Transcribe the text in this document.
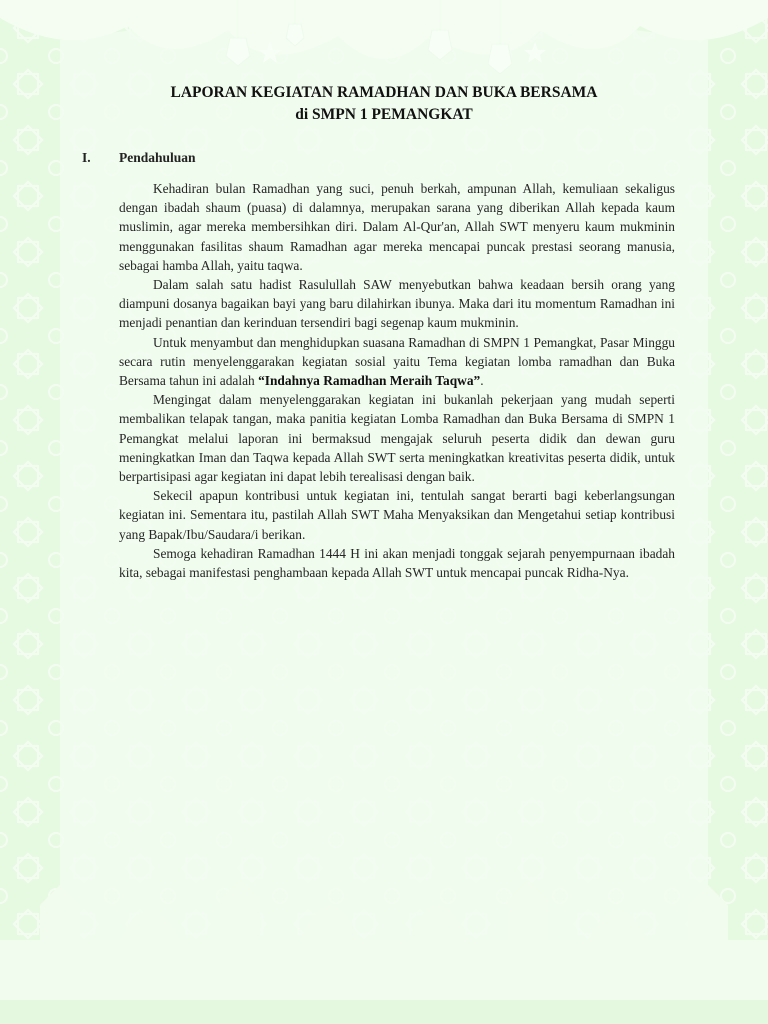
LAPORAN KEGIATAN RAMADHAN DAN BUKA BERSAMA
di SMPN 1 PEMANGKAT
I. Pendahuluan

Kehadiran bulan Ramadhan yang suci, penuh berkah, ampunan Allah, kemuliaan sekaligus dengan ibadah shaum (puasa) di dalamnya, merupakan sarana yang diberikan Allah kepada kaum muslimin, agar mereka membersihkan diri. Dalam Al-Qur'an, Allah SWT menyeru kaum mukminin menggunakan fasilitas shaum Ramadhan agar mereka mencapai puncak prestasi seorang manusia, sebagai hamba Allah, yaitu taqwa.

Dalam salah satu hadist Rasulullah SAW menyebutkan bahwa keadaan bersih orang yang diampuni dosanya bagaikan bayi yang baru dilahirkan ibunya. Maka dari itu momentum Ramadhan ini menjadi penantian dan kerinduan tersendiri bagi segenap kaum mukminin.

Untuk menyambut dan menghidupkan suasana Ramadhan di SMPN 1 Pemangkat, Pasar Minggu secara rutin menyelenggarakan kegiatan sosial yaitu Tema kegiatan lomba ramadhan dan Buka Bersama tahun ini adalah “Indahnya Ramadhan Meraih Taqwa”.

Mengingat dalam menyelenggarakan kegiatan ini bukanlah pekerjaan yang mudah seperti membalikan telapak tangan, maka panitia kegiatan Lomba Ramadhan dan Buka Bersama di SMPN 1 Pemangkat melalui laporan ini bermaksud mengajak seluruh peserta didik dan dewan guru meningkatkan Iman dan Taqwa kepada Allah SWT serta meningkatkan kreativitas peserta didik, untuk berpartisipasi agar kegiatan ini dapat lebih terealisasi dengan baik.

Sekecil apapun kontribusi untuk kegiatan ini, tentulah sangat berarti bagi keberlangsungan kegiatan ini. Sementara itu, pastilah Allah SWT Maha Menyaksikan dan Mengetahui setiap kontribusi yang Bapak/Ibu/Saudara/i berikan.

Semoga kehadiran Ramadhan 1444 H ini akan menjadi tonggak sejarah penyempurnaan ibadah kita, sebagai manifestasi penghambaan kepada Allah SWT untuk mencapai puncak Ridha-Nya.
